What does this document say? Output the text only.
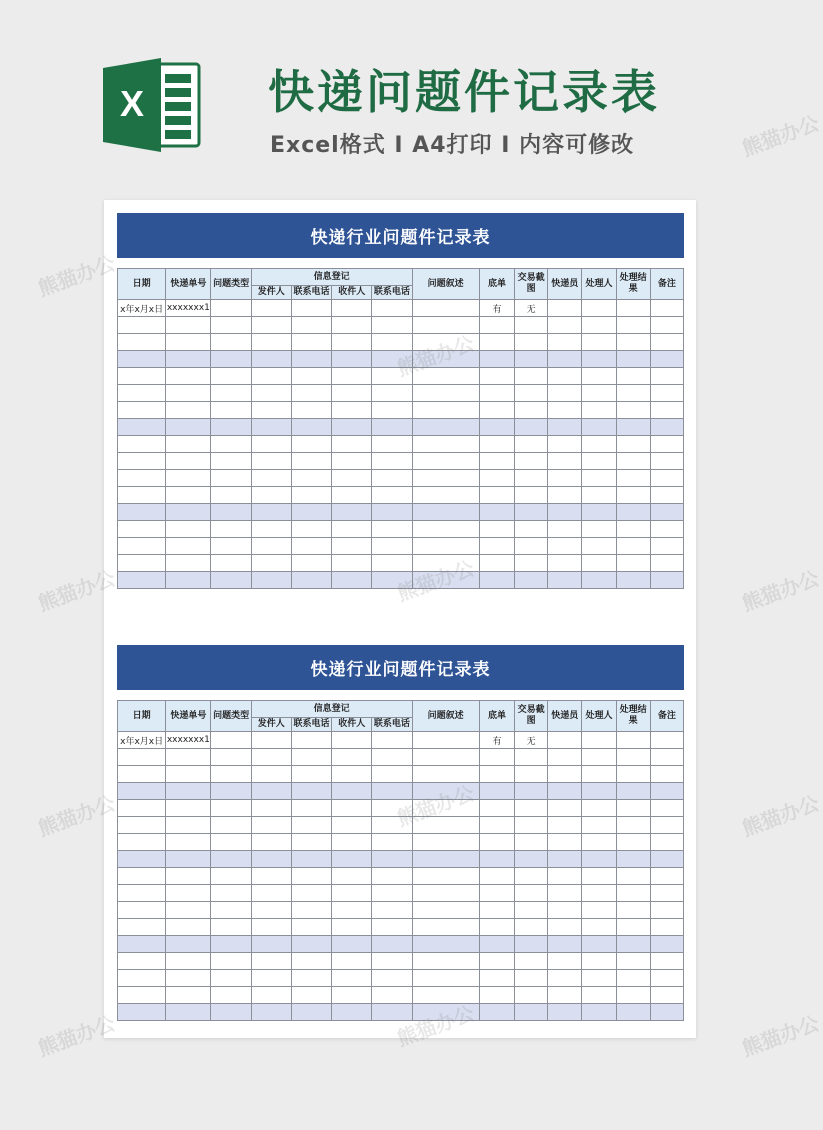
X	快递问题件记录表
Excel格式 I A4打印 I 内容可修改
快递行业问题件记录表
日期	快递单号	问题类型	信息登记				问题叙述	底单	交易截图	快递员	处理人	处理结果	备注
			发件人	联系电话	收件人	联系电话							
x年x月x日	xxxxxxx1							有	无				

快递行业问题件记录表
日期	快递单号	问题类型	信息登记				问题叙述	底单	交易截图	快递员	处理人	处理结果	备注
			发件人	联系电话	收件人	联系电话							
x年x月x日	xxxxxxx1							有	无				

熊猫办公
熊猫办公
熊猫办公	熊猫办公
熊猫办公	熊猫办公
熊猫办公	熊猫办公
